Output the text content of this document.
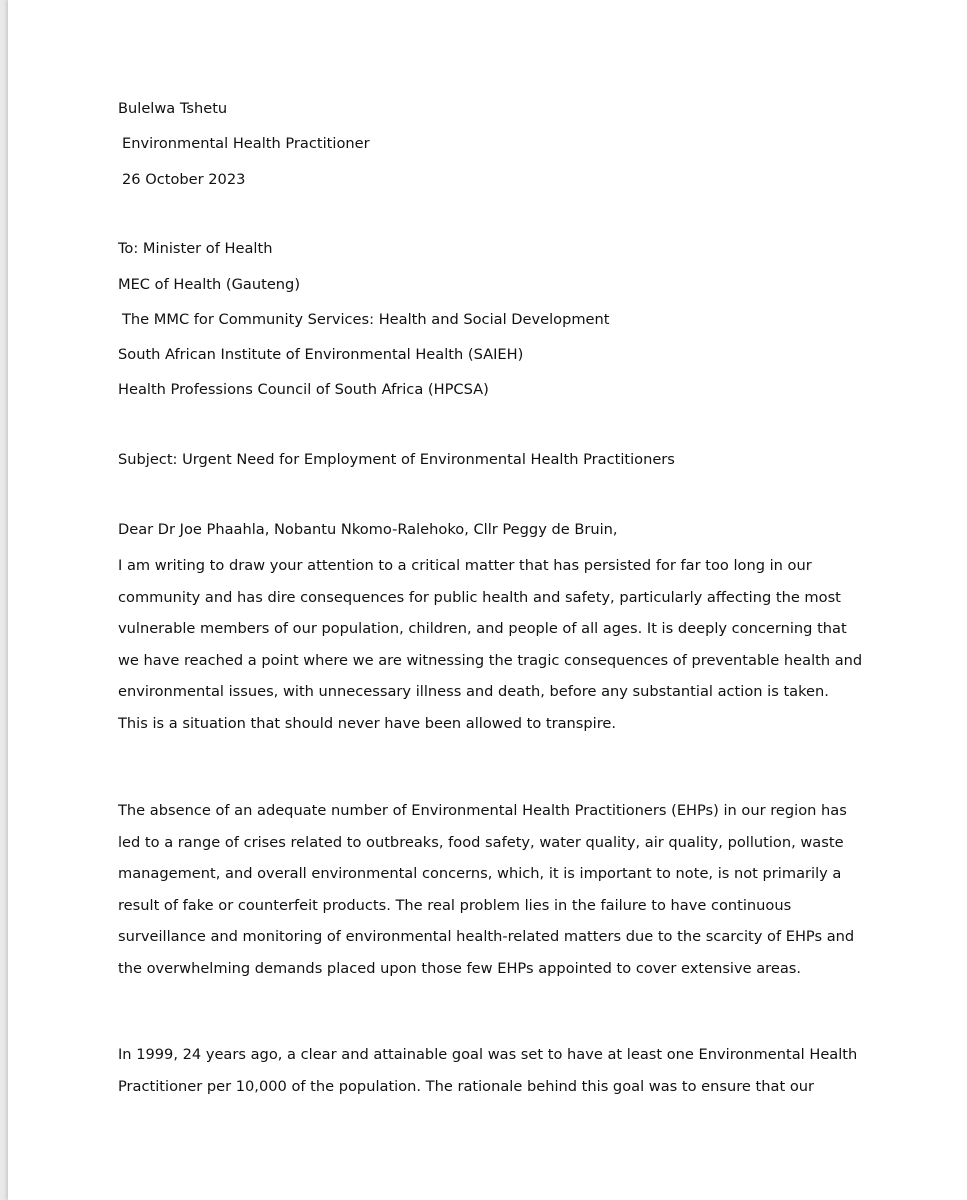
Bulelwa Tshetu
Environmental Health Practitioner
26 October 2023
To: Minister of Health
MEC of Health (Gauteng)
The MMC for Community Services: Health and Social Development
South African Institute of Environmental Health (SAIEH)
Health Professions Council of South Africa (HPCSA)
Subject: Urgent Need for Employment of Environmental Health Practitioners
Dear Dr Joe Phaahla, Nobantu Nkomo-Ralehoko, Cllr Peggy de Bruin,
I am writing to draw your attention to a critical matter that has persisted for far too long in our community and has dire consequences for public health and safety, particularly affecting the most vulnerable members of our population, children, and people of all ages. It is deeply concerning that we have reached a point where we are witnessing the tragic consequences of preventable health and environmental issues, with unnecessary illness and death, before any substantial action is taken. This is a situation that should never have been allowed to transpire.
The absence of an adequate number of Environmental Health Practitioners (EHPs) in our region has led to a range of crises related to outbreaks, food safety, water quality, air quality, pollution, waste management, and overall environmental concerns, which, it is important to note, is not primarily a result of fake or counterfeit products. The real problem lies in the failure to have continuous surveillance and monitoring of environmental health-related matters due to the scarcity of EHPs and the overwhelming demands placed upon those few EHPs appointed to cover extensive areas.
In 1999, 24 years ago, a clear and attainable goal was set to have at least one Environmental Health Practitioner per 10,000 of the population. The rationale behind this goal was to ensure that our
